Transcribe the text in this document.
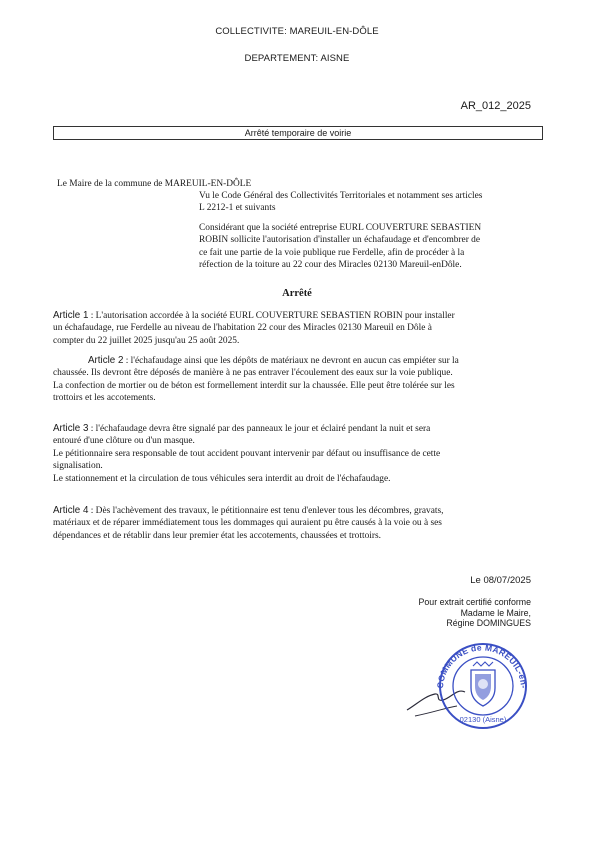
COLLECTIVITE: MAREUIL-EN-DÔLE
DEPARTEMENT: AISNE
AR_012_2025
Arrêté temporaire de voirie
Le Maire de la commune de MAREUIL-EN-DÔLE
Vu le Code Général des Collectivités Territoriales et notamment ses articles
L 2212-1 et suivants
Considérant que la société entreprise EURL COUVERTURE SEBASTIEN
ROBIN sollicite l'autorisation d'installer un échafaudage et d'encombrer de
ce fait une partie de la voie publique rue Ferdelle, afin de procéder à la
réfection de la toiture au 22 cour des Miracles 02130 Mareuil-enDôle.
Arrêté
Article 1 : L'autorisation accordée à la société EURL COUVERTURE SEBASTIEN ROBIN pour installer
un échafaudage, rue Ferdelle au niveau de l'habitation 22 cour des Miracles 02130 Mareuil en Dôle à
compter du 22 juillet 2025 jusqu'au 25 août 2025.
Article 2 : l'échafaudage ainsi que les dépôts de matériaux ne devront en aucun cas empiéter sur la
chaussée. Ils devront être déposés de manière à ne pas entraver l'écoulement des eaux sur la voie publique.
La confection de mortier ou de béton est formellement interdit sur la chaussée. Elle peut être tolérée sur les
trottoirs et les accotements.
Article 3 : l'échafaudage devra être signalé par des panneaux le jour et éclairé pendant la nuit et sera
entouré d'une clôture ou d'un masque.
Le pétitionnaire sera responsable de tout accident pouvant intervenir par défaut ou insuffisance de cette
signalisation.
Le stationnement et la circulation de tous véhicules sera interdit au droit de l'échafaudage.
Article 4 : Dès l'achèvement des travaux, le pétitionnaire est tenu d'enlever tous les décombres, gravats,
matériaux et de réparer immédiatement tous les dommages qui auraient pu être causés à la voie ou à ses
dépendances et de rétablir dans leur premier état les accotements, chaussées et trottoirs.
Le 08/07/2025
Pour extrait certifié conforme
Madame le Maire,
Régine DOMINGUES
COMMUNE de MAREUIL-en-
02130 (Aisne)
